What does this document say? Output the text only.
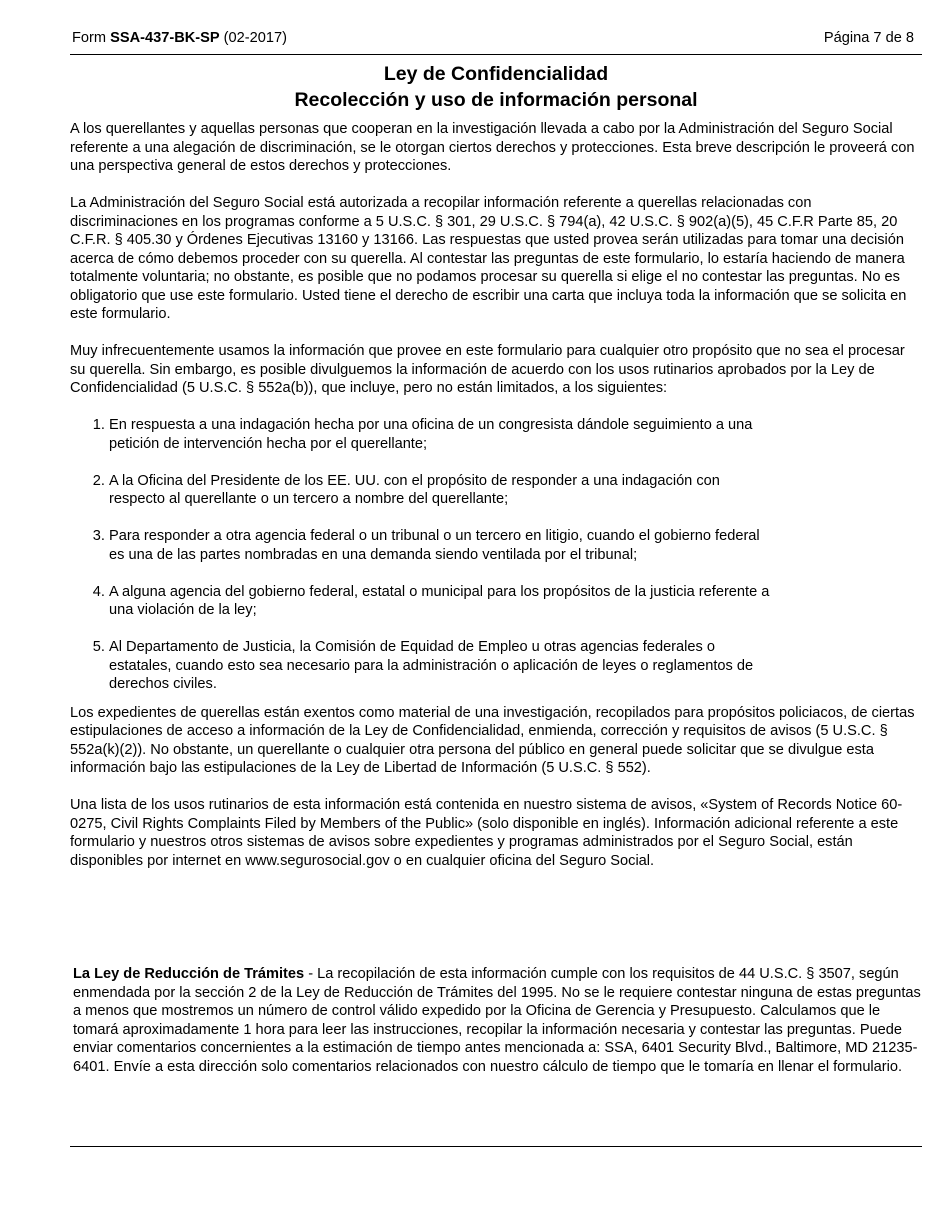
Form SSA-437-BK-SP (02-2017)	Página 7 de 8
Ley de Confidencialidad
Recolección y uso de información personal

A los querellantes y aquellas personas que cooperan en la investigación llevada a cabo por la Administración del Seguro Social referente a una alegación de discriminación, se le otorgan ciertos derechos y protecciones. Esta breve descripción le proveerá con una perspectiva general de estos derechos y protecciones.

La Administración del Seguro Social está autorizada a recopilar información referente a querellas relacionadas con discriminaciones en los programas conforme a 5 U.S.C. § 301, 29 U.S.C. § 794(a), 42 U.S.C. § 902(a)(5), 45 C.F.R Parte 85, 20 C.F.R. § 405.30 y Órdenes Ejecutivas 13160 y 13166. Las respuestas que usted provea serán utilizadas para tomar una decisión acerca de cómo debemos proceder con su querella. Al contestar las preguntas de este formulario, lo estaría haciendo de manera totalmente voluntaria; no obstante, es posible que no podamos procesar su querella si elige el no contestar las preguntas. No es obligatorio que use este formulario. Usted tiene el derecho de escribir una carta que incluya toda la información que se solicita en este formulario.

Muy infrecuentemente usamos la información que provee en este formulario para cualquier otro propósito que no sea el procesar su querella. Sin embargo, es posible divulguemos la información de acuerdo con los usos rutinarios aprobados por la Ley de Confidencialidad (5 U.S.C. § 552a(b)), que incluye, pero no están limitados, a los siguientes:

1. En respuesta a una indagación hecha por una oficina de un congresista dándole seguimiento a una petición de intervención hecha por el querellante;
2. A la Oficina del Presidente de los EE. UU. con el propósito de responder a una indagación con respecto al querellante o un tercero a nombre del querellante;
3. Para responder a otra agencia federal o un tribunal o un tercero en litigio, cuando el gobierno federal es una de las partes nombradas en una demanda siendo ventilada por el tribunal;
4. A alguna agencia del gobierno federal, estatal o municipal para los propósitos de la justicia referente a una violación de la ley;
5. Al Departamento de Justicia, la Comisión de Equidad de Empleo u otras agencias federales o estatales, cuando esto sea necesario para la administración o aplicación de leyes o reglamentos de derechos civiles.

Los expedientes de querellas están exentos como material de una investigación, recopilados para propósitos policiacos, de ciertas estipulaciones de acceso a información de la Ley de Confidencialidad, enmienda, corrección y requisitos de avisos (5 U.S.C. § 552a(k)(2)). No obstante, un querellante o cualquier otra persona del público en general puede solicitar que se divulgue esta información bajo las estipulaciones de la Ley de Libertad de Información (5 U.S.C. § 552).

Una lista de los usos rutinarios de esta información está contenida en nuestro sistema de avisos, «System of Records Notice 60-0275, Civil Rights Complaints Filed by Members of the Public» (solo disponible en inglés). Información adicional referente a este formulario y nuestros otros sistemas de avisos sobre expedientes y programas administrados por el Seguro Social, están disponibles por internet en www.segurosocial.gov o en cualquier oficina del Seguro Social.

La Ley de Reducción de Trámites - La recopilación de esta información cumple con los requisitos de 44 U.S.C. § 3507, según enmendada por la sección 2 de la Ley de Reducción de Trámites del 1995. No se le requiere contestar ninguna de estas preguntas a menos que mostremos un número de control válido expedido por la Oficina de Gerencia y Presupuesto. Calculamos que le tomará aproximadamente 1 hora para leer las instrucciones, recopilar la información necesaria y contestar las preguntas. Puede enviar comentarios concernientes a la estimación de tiempo antes mencionada a: SSA, 6401 Security Blvd., Baltimore, MD 21235-6401. Envíe a esta dirección solo comentarios relacionados con nuestro cálculo de tiempo que le tomaría en llenar el formulario.
